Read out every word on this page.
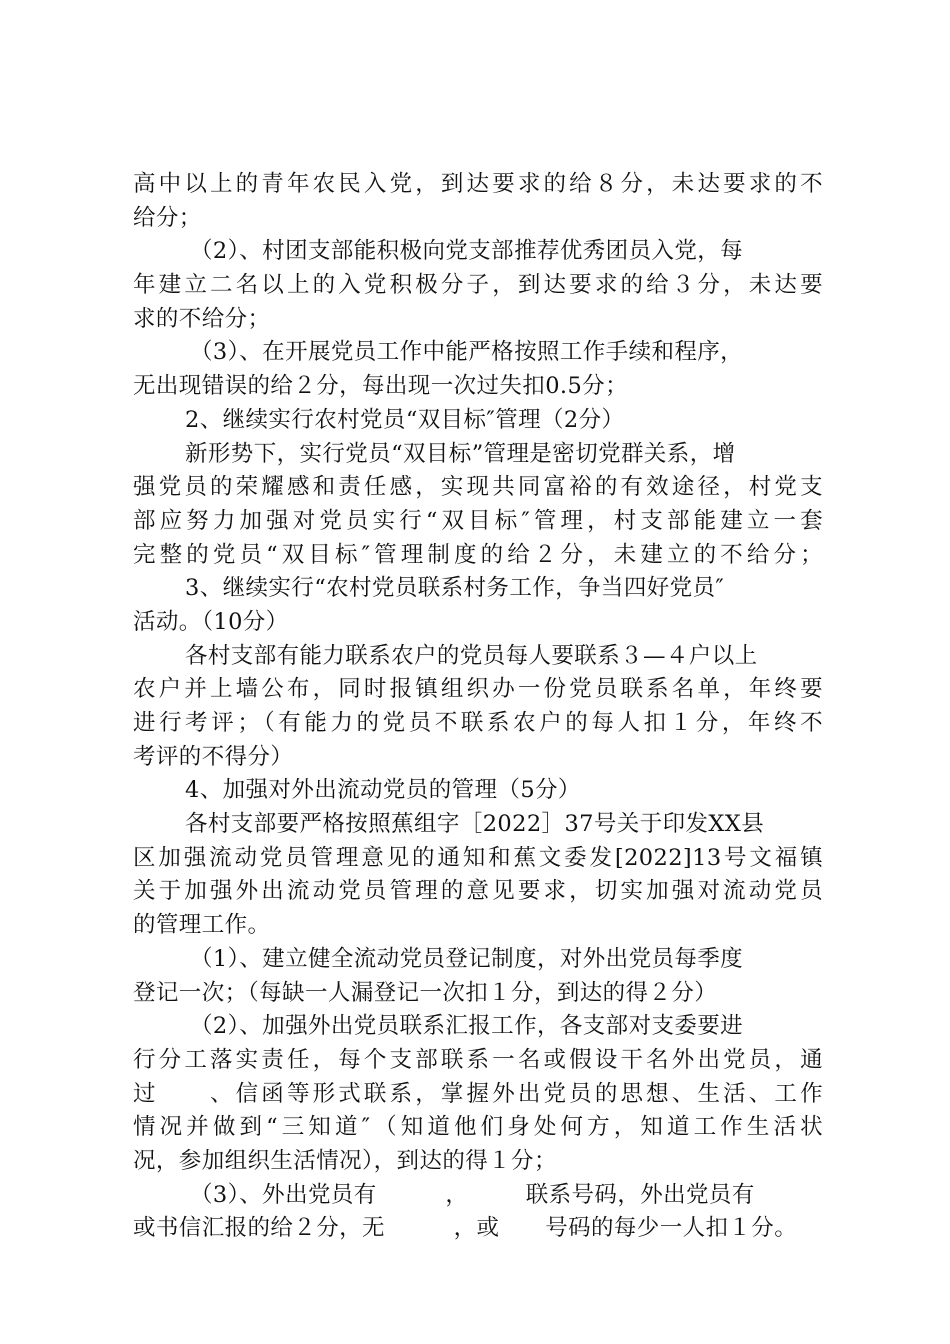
高中以上的青年农民入党，到达要求的给８分，未达要求的不
给分；
（2）、村团支部能积极向党支部推荐优秀团员入党，每
年建立二名以上的入党积极分子，到达要求的给３分，未达要
求的不给分；
（3）、在开展党员工作中能严格按照工作手续和程序，
无出现错误的给２分，每出现一次过失扣0.5分；
2、继续实行农村党员“双目标″管理（2分）
新形势下，实行党员“双目标”管理是密切党群关系，增
强党员的荣耀感和责任感，实现共同富裕的有效途径，村党支
部应努力加强对党员实行“双目标″管理，村支部能建立一套
完整的党员“双目标″管理制度的给２分，未建立的不给分；
3、继续实行“农村党员联系村务工作，争当四好党员″
活动。（10分）
各村支部有能力联系农户的党员每人要联系３—４户以上
农户并上墙公布，同时报镇组织办一份党员联系名单，年终要
进行考评；（有能力的党员不联系农户的每人扣１分，年终不
考评的不得分）
4、加强对外出流动党员的管理（5分）
各村支部要严格按照蕉组字［2022］37号关于印发XX县
区加强流动党员管理意见的通知和蕉文委发[2022]13号文福镇
关于加强外出流动党员管理的意见要求，切实加强对流动党员
的管理工作。
（1）、建立健全流动党员登记制度，对外出党员每季度
登记一次；（每缺一人漏登记一次扣１分，到达的得２分）
（2）、加强外出党员联系汇报工作，各支部对支委要进
行分工落实责任，每个支部联系一名或假设干名外出党员，通
过　　、信函等形式联系，掌握外出党员的思想、生活、工作
情况并做到“三知道″（知道他们身处何方，知道工作生活状
况，参加组织生活情况），到达的得１分；
（3）、外出党员有　　　，　　　联系号码，外出党员有
或书信汇报的给２分，无　　　，或　　号码的每少一人扣１分。
